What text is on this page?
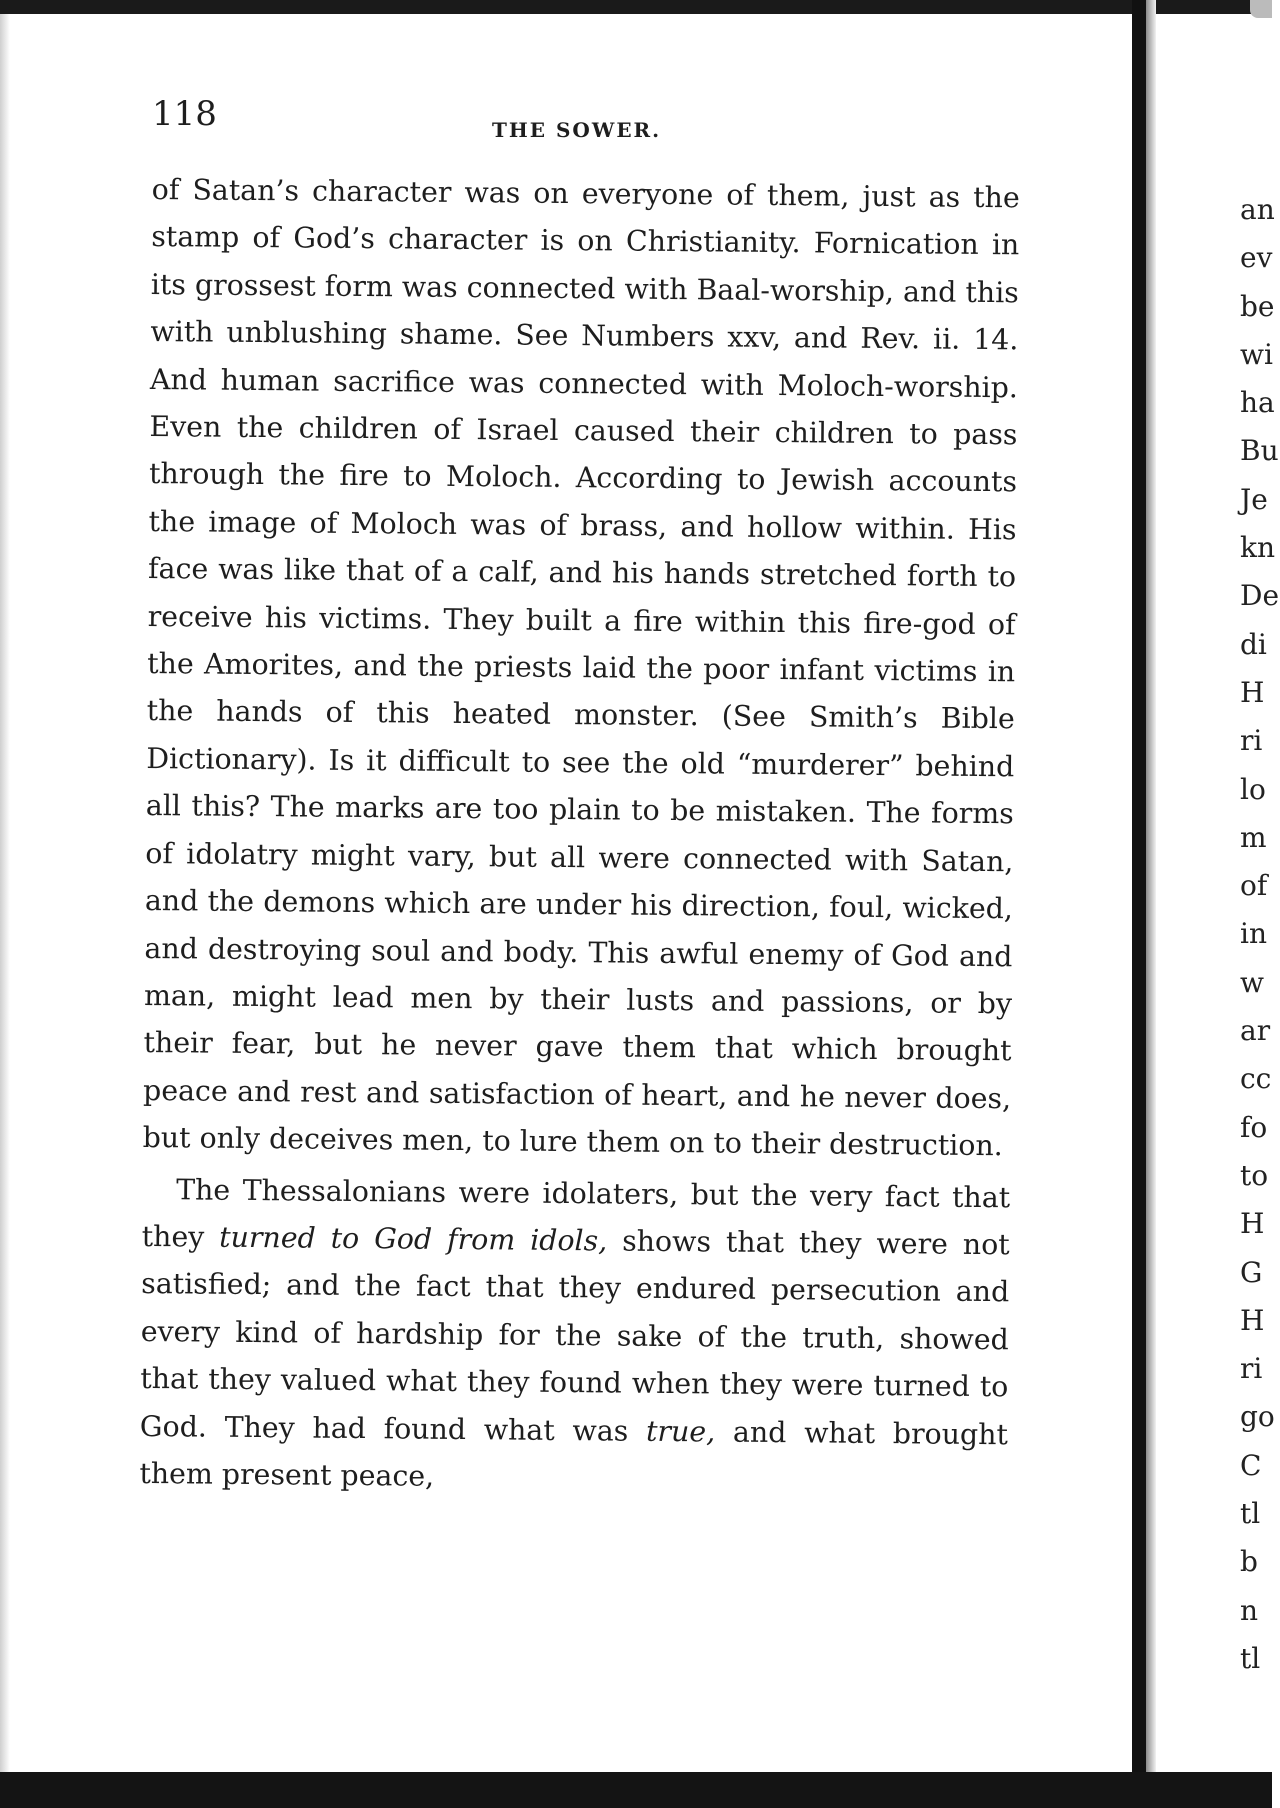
118	THE SOWER.

of Satan’s character was on everyone of them, just as the stamp of God’s character is on Christianity. Fornication in its grossest form was connected with Baal-worship, and this with unblushing shame. See Numbers xxv, and Rev. ii. 14. And human sacrifice was connected with Moloch-worship. Even the children of Israel caused their children to pass through the fire to Moloch. According to Jewish accounts the image of Moloch was of brass, and hollow within. His face was like that of a calf, and his hands stretched forth to receive his victims. They built a fire within this fire-god of the Amorites, and the priests laid the poor infant victims in the hands of this heated monster. (See Smith’s Bible Dictionary). Is it difficult to see the old “murderer” behind all this? The marks are too plain to be mistaken. The forms of idolatry might vary, but all were connected with Satan, and the demons which are under his direction, foul, wicked, and destroying soul and body. This awful enemy of God and man, might lead men by their lusts and passions, or by their fear, but he never gave them that which brought peace and rest and satisfaction of heart, and he never does, but only deceives men, to lure them on to their destruction.

The Thessalonians were idolaters, but the very fact that they turned to God from idols, shows that they were not satisfied; and the fact that they endured persecution and every kind of hardship for the sake of the truth, showed that they valued what they found when they were turned to God. They had found what was true, and what brought them present peace,

an
ev
be
wi
ha
Bu
Je
kn
De
di
H
ri
lo
m
of
in
w
ar
cc
fo
to
H
G
H
ri
go
C
tl
b
n
tl
